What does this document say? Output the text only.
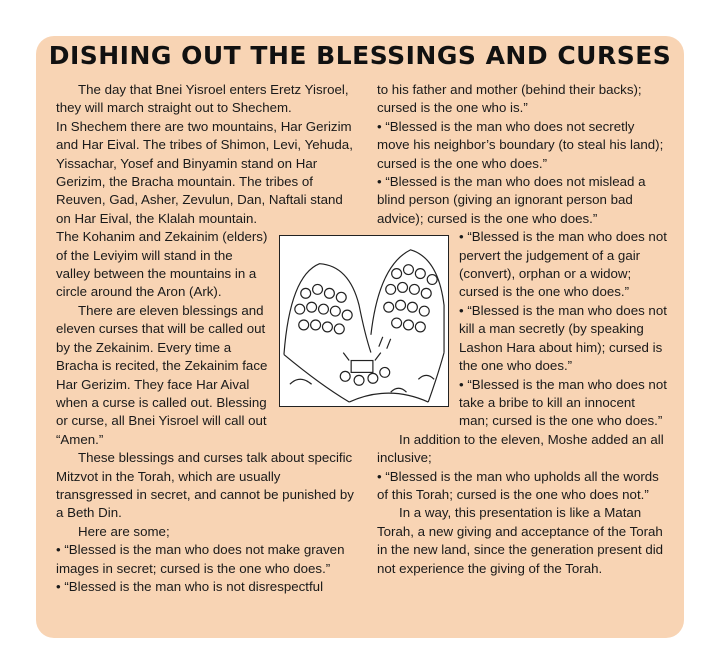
DISHING OUT THE BLESSINGS AND CURSES

The day that Bnei Yisroel enters Eretz Yisroel, they will march straight out to Shechem.

In Shechem there are two mountains, Har Gerizim and Har Eival. The tribes of Shimon, Levi, Yehuda, Yissachar, Yosef and Binyamin stand on Har Gerizim, the Bracha mountain. The tribes of Reuven, Gad, Asher, Zevulun, Dan, Naftali stand on Har Eival, the Klalah mountain.

The Kohanim and Zekainim (elders) of the Leviyim will stand in the valley between the mountains in a circle around the Aron (Ark).

There are eleven blessings and eleven curses that will be called out by the Zekainim. Every time a Bracha is recited, the Zekainim face Har Gerizim. They face Har Aival when a curse is called out. Blessing or curse, all Bnei Yisroel will call out “Amen.”

These blessings and curses talk about specific Mitzvot in the Torah, which are usually transgressed in secret, and cannot be punished by a Beth Din.

Here are some;

• “Blessed is the man who does not make graven images in secret; cursed is the one who does.”

• “Blessed is the man who is not disrespectful

to his father and mother (behind their backs); cursed is the one who is.”

• “Blessed is the man who does not secretly move his neighbor’s boundary (to steal his land); cursed is the one who does.”

• “Blessed is the man who does not mislead a blind person (giving an ignorant person bad advice); cursed is the one who does.”

• “Blessed is the man who does not pervert the judgement of a gair (convert), orphan or a widow; cursed is the one who does.”

• “Blessed is the man who does not kill a man secretly (by speaking Lashon Hara about him); cursed is the one who does.”

• “Blessed is the man who does not take a bribe to kill an innocent man; cursed is the one who does.”

In addition to the eleven, Moshe added an all inclusive;

• “Blessed is the man who upholds all the words of this Torah; cursed is the one who does not.”

In a way, this presentation is like a Matan Torah, a new giving and acceptance of the Torah in the new land, since the generation present did not experience the giving of the Torah.
